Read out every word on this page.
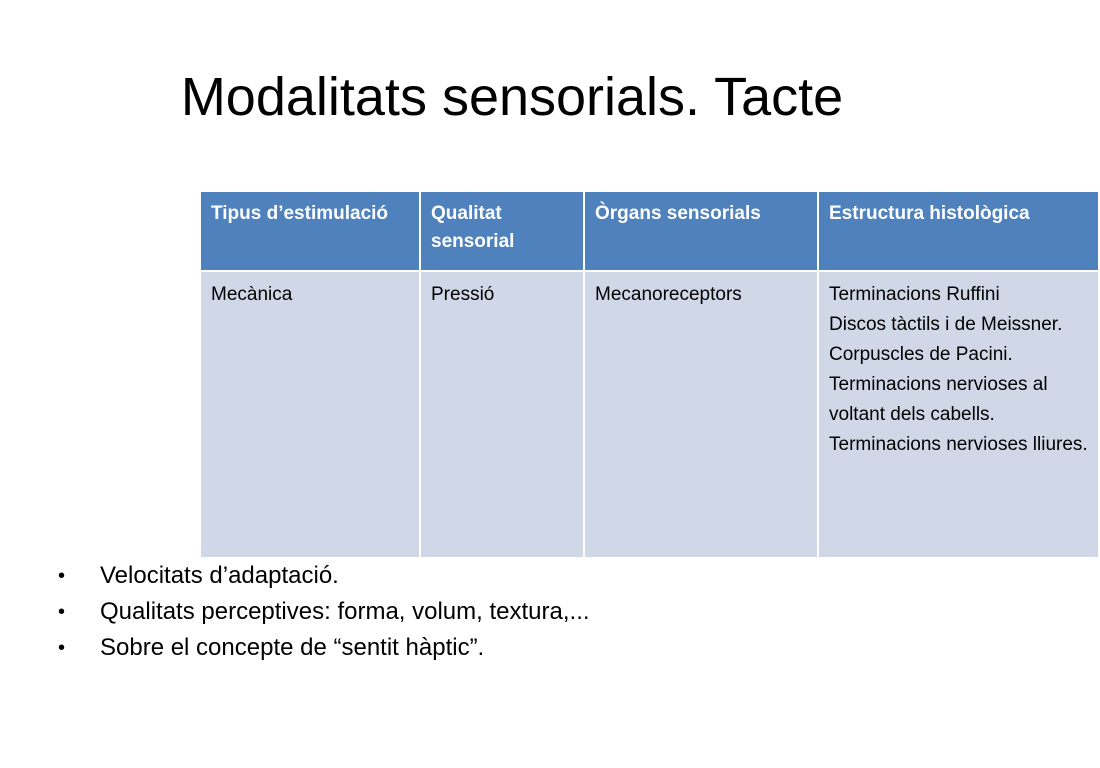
Modalitats sensorials. Tacte
Tipus d’estimulació	Qualitat sensorial	Òrgans sensorials	Estructura histològica
Mecànica	Pressió	Mecanoreceptors	Terminacions Ruffini
Discos tàctils i de Meissner.
Corpuscles de Pacini.
Terminacions nervioses al voltant dels cabells.
Terminacions nervioses lliures.
• Velocitats d’adaptació.
• Qualitats perceptives: forma, volum, textura,...
• Sobre el concepte de “sentit hàptic”.
